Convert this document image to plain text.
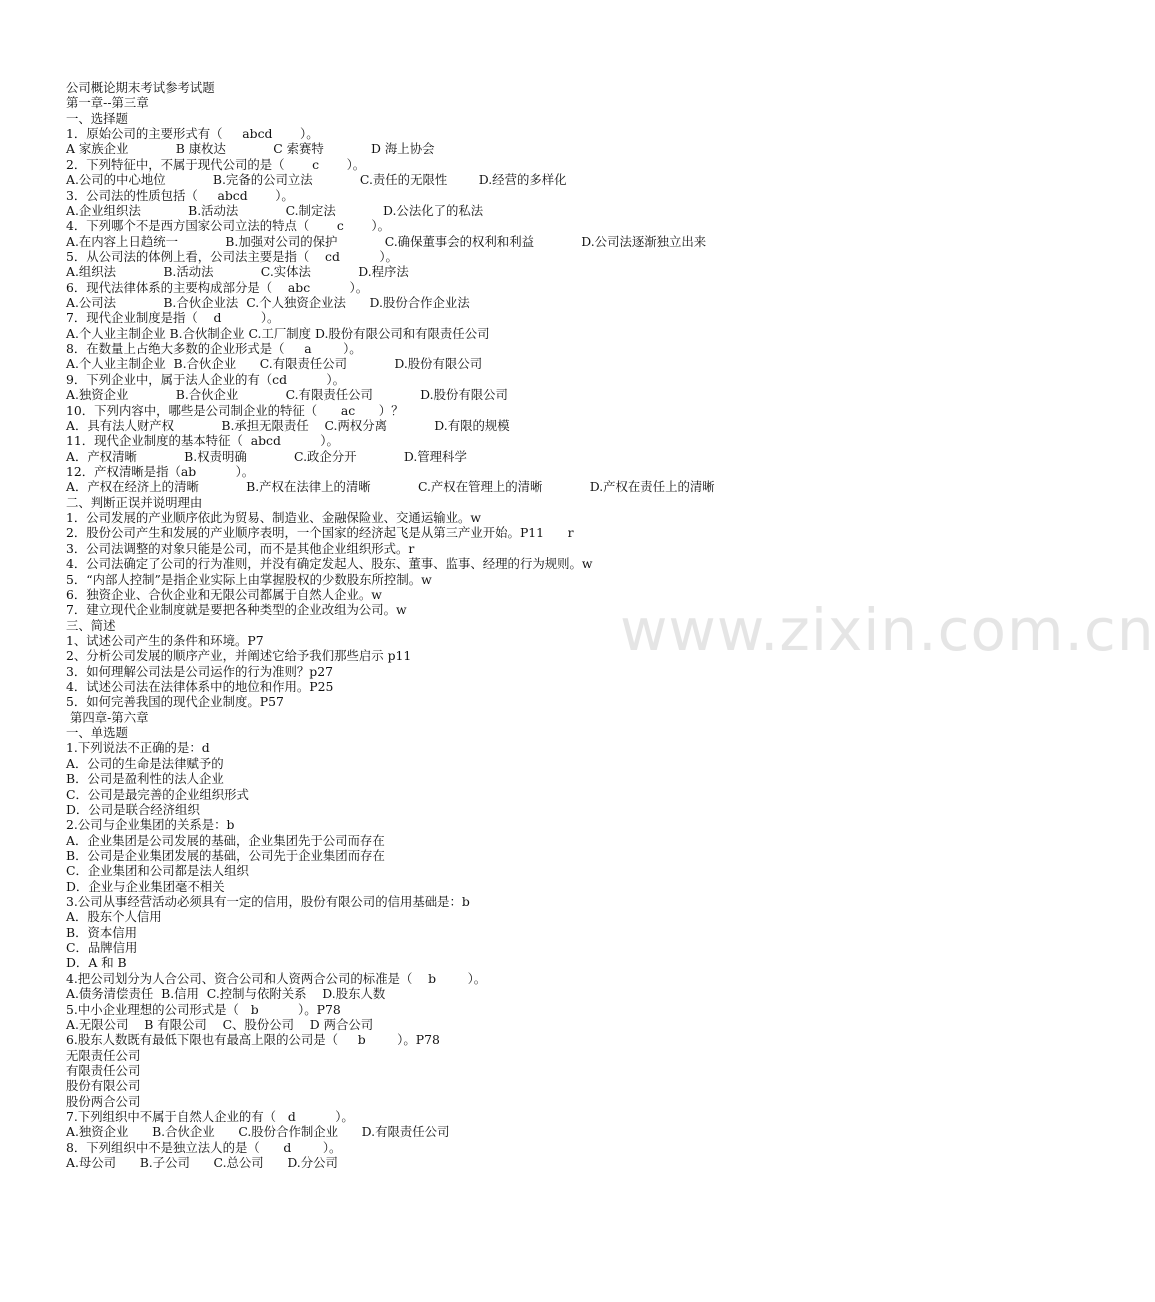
公司概论期末考试参考试题
第一章--第三章
一、选择题
1．原始公司的主要形式有（     abcd       ）。
A 家族企业            B 康枚达            C 索赛特            D 海上协会
2．下列特征中，不属于现代公司的是（       c       ）。
A.公司的中心地位            B.完备的公司立法            C.责任的无限性        D.经营的多样化
3．公司法的性质包括（     abcd       ）。
A.企业组织法            B.活动法            C.制定法            D.公法化了的私法
4．下列哪个不是西方国家公司立法的特点（       c       ）。
A.在内容上日趋统一            B.加强对公司的保护            C.确保董事会的权利和利益            D.公司法逐渐独立出来
5．从公司法的体例上看，公司法主要是指（    cd          ）。
A.组织法            B.活动法            C.实体法            D.程序法
6．现代法律体系的主要构成部分是（    abc          ）。
A.公司法            B.合伙企业法  C.个人独资企业法      D.股份合作企业法
7．现代企业制度是指（    d          ）。
A.个人业主制企业 B.合伙制企业 C.工厂制度 D.股份有限公司和有限责任公司
8．在数量上占绝大多数的企业形式是（     a        ）。
A.个人业主制企业  B.合伙企业      C.有限责任公司            D.股份有限公司
9．下列企业中，属于法人企业的有（cd          ）。
A.独资企业            B.合伙企业            C.有限责任公司            D.股份有限公司
10．下列内容中，哪些是公司制企业的特征（      ac      ）？
A．具有法人财产权            B.承担无限责任    C.两权分离            D.有限的规模
11．现代企业制度的基本特征（  abcd          ）。
A．产权清晰            B.权责明确            C.政企分开            D.管理科学
12．产权清晰是指（ab          ）。
A．产权在经济上的清晰            B.产权在法律上的清晰            C.产权在管理上的清晰            D.产权在责任上的清晰
二、判断正误并说明理由
1．公司发展的产业顺序依此为贸易、制造业、金融保险业、交通运输业。w
2．股份公司产生和发展的产业顺序表明，一个国家的经济起飞是从第三产业开始。P11      r
3．公司法调整的对象只能是公司，而不是其他企业组织形式。r
4．公司法确定了公司的行为准则，并没有确定发起人、股东、董事、监事、经理的行为规则。w
5．“内部人控制”是指企业实际上由掌握股权的少数股东所控制。w
6．独资企业、合伙企业和无限公司都属于自然人企业。w
7．建立现代企业制度就是要把各种类型的企业改组为公司。w
三、简述
1、试述公司产生的条件和环境。P7
2、分析公司发展的顺序产业，并阐述它给予我们那些启示 p11
3．如何理解公司法是公司运作的行为准则？p27
4．试述公司法在法律体系中的地位和作用。P25
5．如何完善我国的现代企业制度。P57
第四章-第六章
一、单选题
1.下列说法不正确的是：d
A．公司的生命是法律赋予的
B．公司是盈利性的法人企业
C．公司是最完善的企业组织形式
D．公司是联合经济组织
2.公司与企业集团的关系是：b
A．企业集团是公司发展的基础，企业集团先于公司而存在
B．公司是企业集团发展的基础，公司先于企业集团而存在
C．企业集团和公司都是法人组织
D．企业与企业集团毫不相关
3.公司从事经营活动必须具有一定的信用，股份有限公司的信用基础是：b
A．股东个人信用
B．资本信用
C．品牌信用
D．A 和 B
4.把公司划分为人合公司、资合公司和人资两合公司的标准是（    b        ）。
A.债务清偿责任  B.信用  C.控制与依附关系    D.股东人数
5.中小企业理想的公司形式是（   b          ）。P78
A.无限公司    B 有限公司    C、股份公司    D 两合公司
6.股东人数既有最低下限也有最高上限的公司是（     b        ）。P78
无限责任公司
有限责任公司
股份有限公司
股份两合公司
7.下列组织中不属于自然人企业的有（   d          ）。
A.独资企业      B.合伙企业      C.股份合作制企业      D.有限责任公司
8．下列组织中不是独立法人的是（      d        ）。
A.母公司      B.子公司      C.总公司      D.分公司
www.zixin.com.cn
